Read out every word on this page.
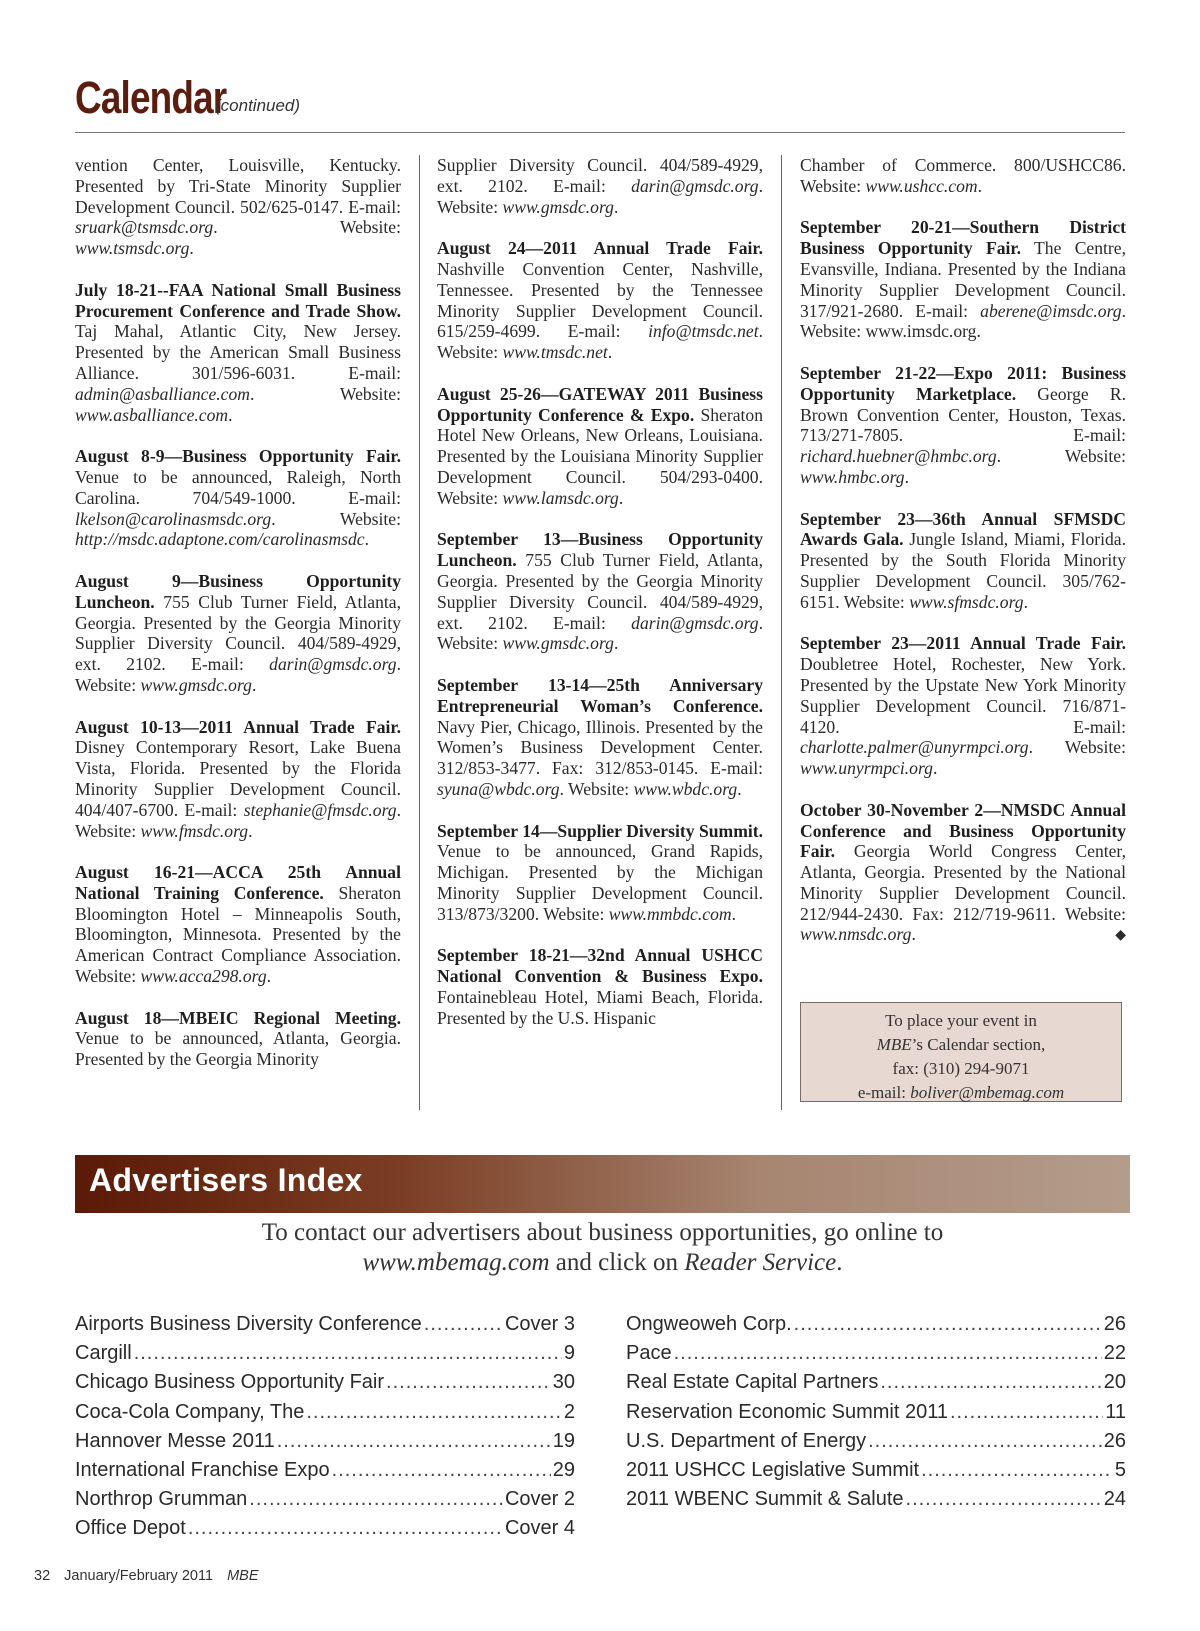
Calendar
(continued)

vention Center, Louisville, Kentucky. Presented by Tri-State Minority Supplier Development Council. 502/625-0147. E-mail: sruark@tsmsdc.org. Website: www.tsmsdc.org.

July 18-21--FAA National Small Business Procurement Conference and Trade Show. Taj Mahal, Atlantic City, New Jersey. Presented by the American Small Business Alliance. 301/596-6031. E-mail: admin@asballiance.com. Website: www.asballiance.com.

August 8-9—Business Opportunity Fair. Venue to be announced, Raleigh, North Carolina. 704/549-1000. E-mail: lkelson@carolinasmsdc.org. Website: http://msdc.adaptone.com/carolinasmsdc.

August 9—Business Opportunity Luncheon. 755 Club Turner Field, Atlanta, Georgia. Presented by the Georgia Minority Supplier Diversity Council. 404/589-4929, ext. 2102. E-mail: darin@gmsdc.org. Website: www.gmsdc.org.

August 10-13—2011 Annual Trade Fair. Disney Contemporary Resort, Lake Buena Vista, Florida. Presented by the Florida Minority Supplier Development Council. 404/407-6700. E-mail: stephanie@fmsdc.org. Website: www.fmsdc.org.

August 16-21—ACCA 25th Annual National Training Conference. Sheraton Bloomington Hotel – Minneapolis South, Bloomington, Minnesota. Presented by the American Contract Compliance Association. Website: www.acca298.org.

August 18—MBEIC Regional Meeting. Venue to be announced, Atlanta, Georgia. Presented by the Georgia Minority

Supplier Diversity Council. 404/589-4929, ext. 2102. E-mail: darin@gmsdc.org. Website: www.gmsdc.org.

August 24—2011 Annual Trade Fair. Nashville Convention Center, Nashville, Tennessee. Presented by the Tennessee Minority Supplier Development Council. 615/259-4699. E-mail: info@tmsdc.net. Website: www.tmsdc.net.

August 25-26—GATEWAY 2011 Business Opportunity Conference & Expo. Sheraton Hotel New Orleans, New Orleans, Louisiana. Presented by the Louisiana Minority Supplier Development Council. 504/293-0400. Website: www.lamsdc.org.

September 13—Business Opportunity Luncheon. 755 Club Turner Field, Atlanta, Georgia. Presented by the Georgia Minority Supplier Diversity Council. 404/589-4929, ext. 2102. E-mail: darin@gmsdc.org. Website: www.gmsdc.org.

September 13-14—25th Anniversary Entrepreneurial Woman’s Conference. Navy Pier, Chicago, Illinois. Presented by the Women’s Business Development Center. 312/853-3477. Fax: 312/853-0145. E-mail: syuna@wbdc.org. Website: www.wbdc.org.

September 14—Supplier Diversity Summit. Venue to be announced, Grand Rapids, Michigan. Presented by the Michigan Minority Supplier Development Council. 313/873/3200. Website: www.mmbdc.com.

September 18-21—32nd Annual USHCC National Convention & Business Expo. Fontainebleau Hotel, Miami Beach, Florida. Presented by the U.S. Hispanic

Chamber of Commerce. 800/USHCC86. Website: www.ushcc.com.

September 20-21—Southern District Business Opportunity Fair. The Centre, Evansville, Indiana. Presented by the Indiana Minority Supplier Development Council. 317/921-2680. E-mail: aberene@imsdc.org. Website: www.imsdc.org.

September 21-22—Expo 2011: Business Opportunity Marketplace. George R. Brown Convention Center, Houston, Texas. 713/271-7805. E-mail: richard.huebner@hmbc.org. Website: www.hmbc.org.

September 23—36th Annual SFMSDC Awards Gala. Jungle Island, Miami, Florida. Presented by the South Florida Minority Supplier Development Council. 305/762-6151. Website: www.sfmsdc.org.

September 23—2011 Annual Trade Fair. Doubletree Hotel, Rochester, New York. Presented by the Upstate New York Minority Supplier Development Council. 716/871-4120. E-mail: charlotte.palmer@unyrmpci.org. Website: www.unyrmpci.org.

October 30-November 2—NMSDC Annual Conference and Business Opportunity Fair. Georgia World Congress Center, Atlanta, Georgia. Presented by the National Minority Supplier Development Council. 212/944-2430. Fax: 212/719-9611. Website: www.nmsdc.org.	◆

To place your event in
MBE’s Calendar section,
fax: (310) 294-9071
e-mail: boliver@mbemag.com
Advertisers Index
To contact our advertisers about business opportunities, go online to
www.mbemag.com and click on Reader Service.
Airports Business Diversity Conference .....	Cover 3
Cargill .....	9
Chicago Business Opportunity Fair .....	30
Coca-Cola Company, The .....	2
Hannover Messe 2011 .....	19
International Franchise Expo .....	29
Northrop Grumman .....	Cover 2
Office Depot .....	Cover 4
Ongweoweh Corp. .....	26
Pace .....	22
Real Estate Capital Partners .....	20
Reservation Economic Summit 2011 .....	11
U.S. Department of Energy .....	26
2011 USHCC Legislative Summit .....	5
2011 WBENC Summit & Salute .....	24
32 January/February 2011 MBE
